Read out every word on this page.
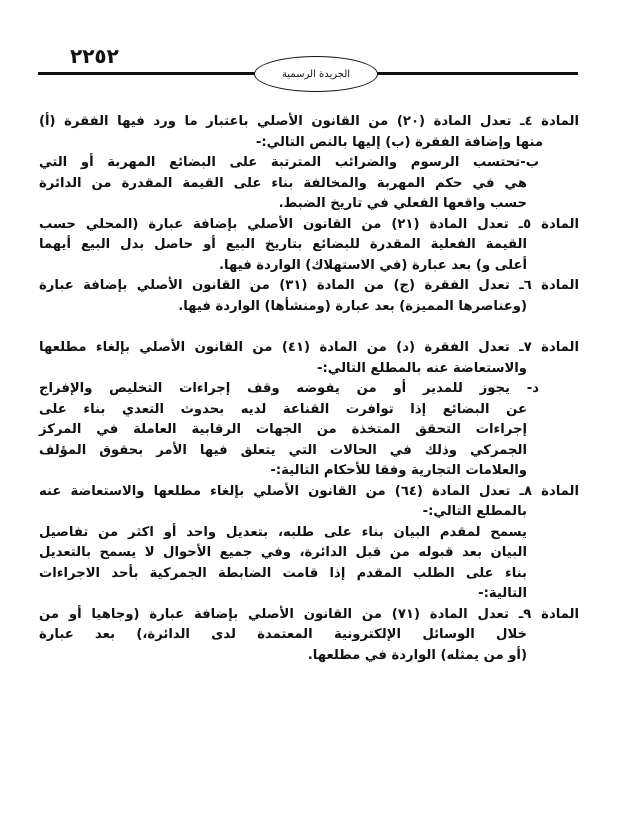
٢٢٥٢
الجريدة الرسمية
المادة ٤ـ تعدل المادة (٢٠) من القانون الأصلي باعتبار ما ورد فيها الفقرة (أ)
منها وإضافة الفقرة (ب) إليها بالنص التالي:-
ب-تحتسب الرسوم والضرائب المترتبة على البضائع المهربة أو التي
هي في حكم المهربة والمخالفة بناء على القيمة المقدرة من الدائرة
حسب واقعها الفعلي في تاريخ الضبط.
المادة ٥ـ تعدل المادة (٢١) من القانون الأصلي بإضافة عبارة (المحلي حسب
القيمة الفعلية المقدرة للبضائع بتاريخ البيع أو حاصل بدل البيع أيهما
أعلى و) بعد عبارة (في الاستهلاك) الواردة فيها.
المادة ٦ـ تعدل الفقرة (ج) من المادة (٣١) من القانون الأصلي بإضافة عبارة
(وعناصرها المميزة) بعد عبارة (ومنشأها) الواردة فيها.
المادة ٧ـ تعدل الفقرة (د) من المادة (٤١) من القانون الأصلي بإلغاء مطلعها
والاستعاضة عنه بالمطلع التالي:-
د- يجوز للمدير أو من يفوضه وقف إجراءات التخليص والإفراج
عن البضائع إذا توافرت القناعة لديه بحدوث التعدي بناء على
إجراءات التحقق المتخذة من الجهات الرقابية العاملة في المركز
الجمركي وذلك في الحالات التي يتعلق فيها الأمر بحقوق المؤلف
والعلامات التجارية وفقا للأحكام التالية:-
المادة ٨ـ تعدل المادة (٦٤) من القانون الأصلي بإلغاء مطلعها والاستعاضة عنه
بالمطلع التالي:-
يسمح لمقدم البيان بناء على طلبه، بتعديل واحد أو اكثر من تفاصيل
البيان بعد قبوله من قبل الدائرة، وفي جميع الأحوال لا يسمح بالتعديل
بناء على الطلب المقدم إذا قامت الضابطة الجمركية بأحد الاجراءات
التالية:-
المادة ٩ـ تعدل المادة (٧١) من القانون الأصلي بإضافة عبارة (وجاهيا أو من
خلال الوسائل الإلكترونية المعتمدة لدى الدائرة،) بعد عبارة
(أو من يمثله) الواردة في مطلعها.
